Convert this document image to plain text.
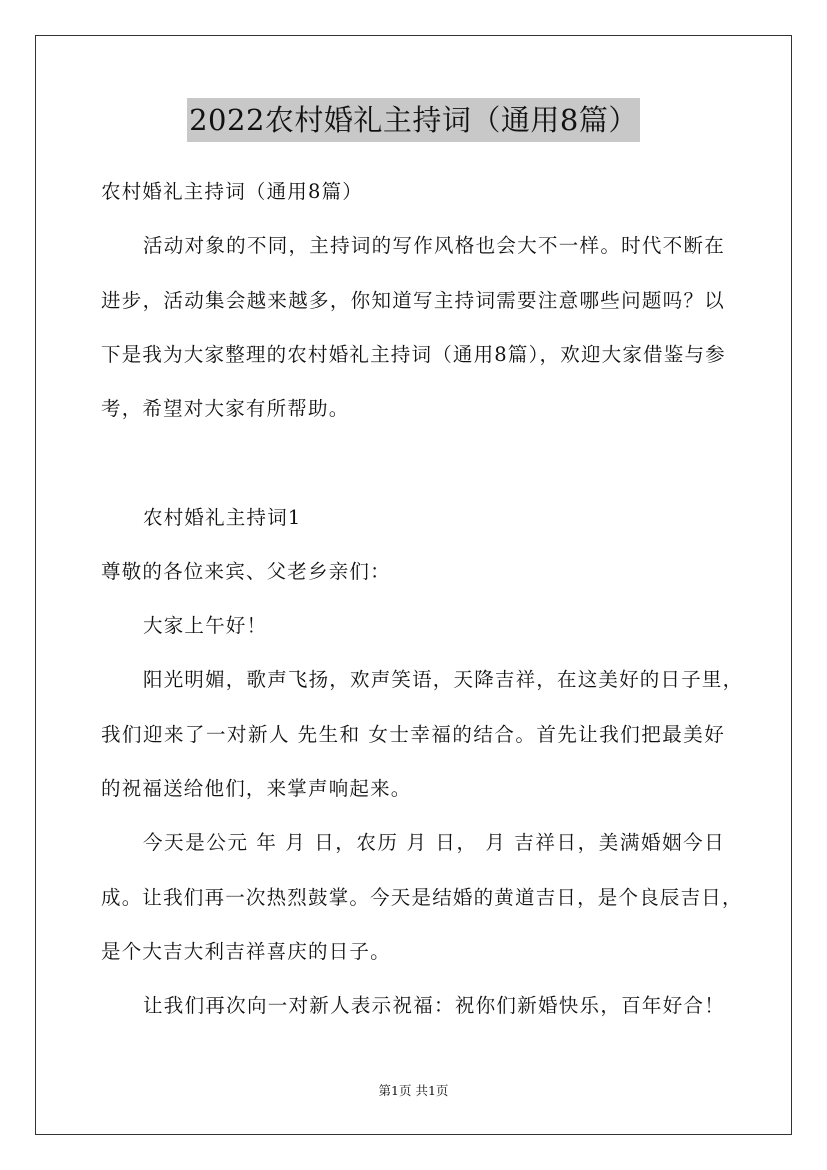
2022农村婚礼主持词（通用8篇）
农村婚礼主持词（通用8篇）
活动对象的不同，主持词的写作风格也会大不一样。时代不断在
进步，活动集会越来越多，你知道写主持词需要注意哪些问题吗？以
下是我为大家整理的农村婚礼主持词（通用8篇），欢迎大家借鉴与参
考，希望对大家有所帮助。
农村婚礼主持词1
尊敬的各位来宾、父老乡亲们：
大家上午好！
阳光明媚，歌声飞扬，欢声笑语，天降吉祥，在这美好的日子里，
我们迎来了一对新人 先生和 女士幸福的结合。首先让我们把最美好
的祝福送给他们，来掌声响起来。
今天是公元 年 月 日，农历 月 日， 月 吉祥日，美满婚姻今日
成。让我们再一次热烈鼓掌。今天是结婚的黄道吉日，是个良辰吉日，
是个大吉大利吉祥喜庆的日子。
让我们再次向一对新人表示祝福：祝你们新婚快乐，百年好合！
第1页 共1页
